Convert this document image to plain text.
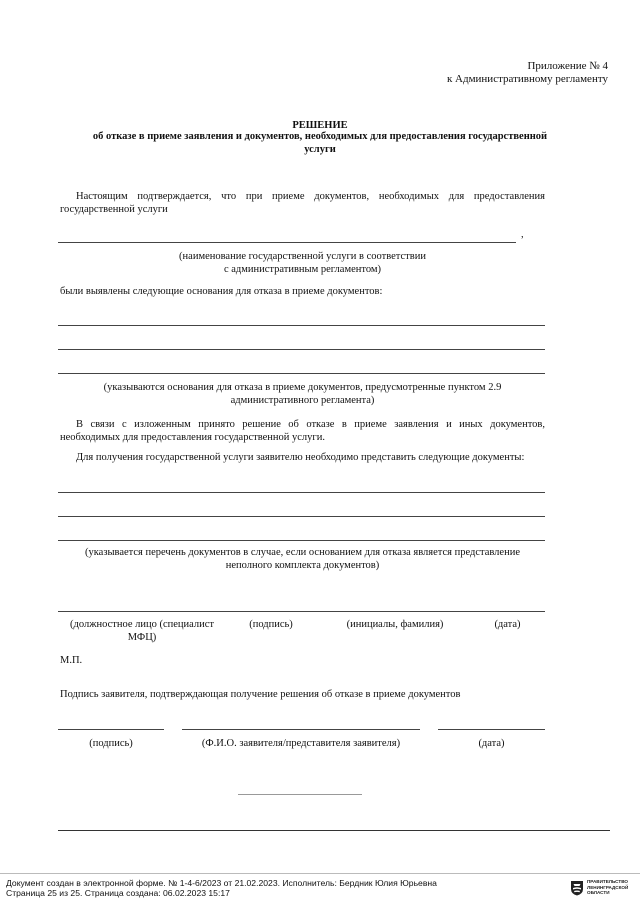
Приложение № 4
к Административному регламенту
РЕШЕНИЕ
об отказе в приеме заявления и документов, необходимых для предоставления государственной
услуги
Настоящим подтверждается, что при приеме документов, необходимых для предоставления
государственной услуги
,
(наименование государственной услуги в соответствии
с административным регламентом)
были выявлены следующие основания для отказа в приеме документов:
(указываются основания для отказа в приеме документов, предусмотренные пунктом 2.9
административного регламента)
В связи с изложенным принято решение об отказе в приеме заявления и иных документов,
необходимых для предоставления государственной услуги.
Для получения государственной услуги заявителю необходимо представить следующие документы:
(указывается перечень документов в случае, если основанием для отказа является представление
неполного комплекта документов)
(должностное лицо (специалист
МФЦ)
(подпись)	(инициалы, фамилия)	(дата)
М.П.
Подпись заявителя, подтверждающая получение решения об отказе в приеме документов
(подпись)	(Ф.И.О. заявителя/представителя заявителя)	(дата)
Документ создан в электронной форме. № 1-4-6/2023 от 21.02.2023. Исполнитель: Бердник Юлия Юрьевна
Страница 25 из 25. Страница создана: 06.02.2023 15:17
ПРАВИТЕЛЬСТВО
ЛЕНИНГРАДСКОЙ
ОБЛАСТИ
